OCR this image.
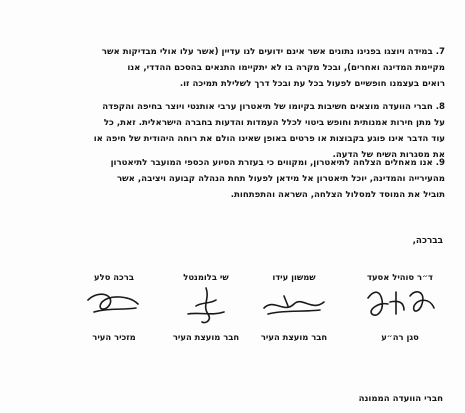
7. במידה ויוצגו בפנינו נתונים אשר אינם ידועים לנו עדיין (אשר עלו אולי מבדיקות אשר
מקיימת המדינה ואחרים), ובכל מקרה בו לא יתקיימו התנאים בהסכם ההדדי, אנו
רואים בעצמנו חופשיים לפעול בכל עת ובכל דרך לשלילת תמיכה זו.
8. חברי הוועדה מוצאים חשיבות בקיומו של תיאטרון ערבי אותנטי ויוצר בחיפה והקפדה
על מתן חירות אמנותית וחופש ביטוי לכלל העמדות והדעות בחברה הישראלית. זאת, כל
עוד הדבר אינו פוגע בקבוצות או פרטים באופן שאינו הולם את רוחה היהודית של חיפה או
את מסגרות השיח של הדעה.
9. אנו מאחלים הצלחה לתיאטרון, ומקווים כי בעזרת הסיוע הכספי המועבר לתיאטרון
מהעירייה והמדינה, יוכל תיאטרון אל מידאן לפעול תחת הנהלה קבועה ויציבה, אשר
תוביל את המוסד למסלול הצלחה, השראה והתפתחות.
בברכה,
ד״ר סוהיל אסעד
סגן רה״ע
שמשון עידו
חבר מועצת העיר
שי בלומנטל
חבר מועצת העיר
ברכה סלע
מזכיר העיר
חברי הוועדה הממונה
